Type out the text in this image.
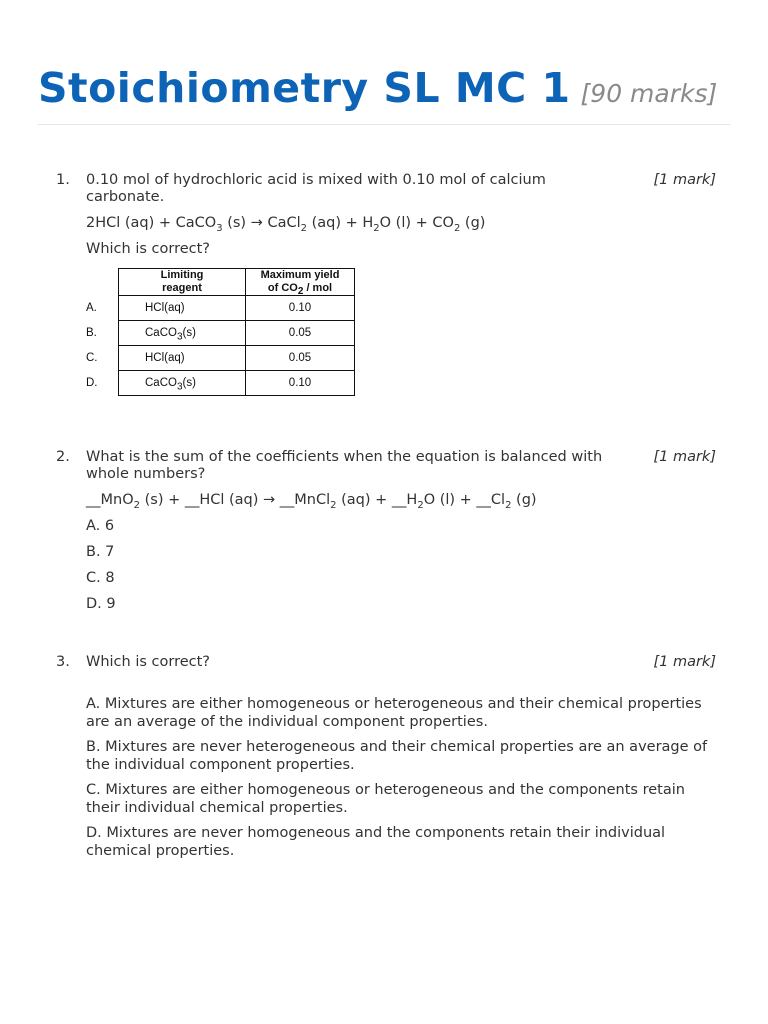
Stoichiometry SL MC 1 [90 marks]
1.	[1 mark]
0.10 mol of hydrochloric acid is mixed with 0.10 mol of calcium carbonate.
2HCl (aq) + CaCO$_3$ (s) → CaCl$_2$ $(aq) + H_2O$ $(l) + CO_2$ (g)
Which is correct?

	Limiting reagent	Maximum yield
of $CO_2$ / mol
A.	HCl(aq)	0.10
B.	CaCO$_3$(s)	0.05
C.	HCl(aq)	0.05
D.	CaCO$_3$(s)	0.10
2.	[1 mark]
What is the sum of the coefficients when the equation is balanced with whole numbers?
__MnO$_2$ (s) + __HCl (aq) → __MnCl$_2$ $(aq) + \_\_H_2O$ $(l) + \_\_Cl_2$ (g)
A. 6
B. 7
C. 8
D. 9
3.	[1 mark]
Which is correct?
A. Mixtures are either homogeneous or heterogeneous and their chemical properties are an average of the individual component properties.
B. Mixtures are never heterogeneous and their chemical properties are an average of the individual component properties.
C. Mixtures are either homogeneous or heterogeneous and the components retain their individual chemical properties.
D. Mixtures are never homogeneous and the components retain their individual chemical properties.
